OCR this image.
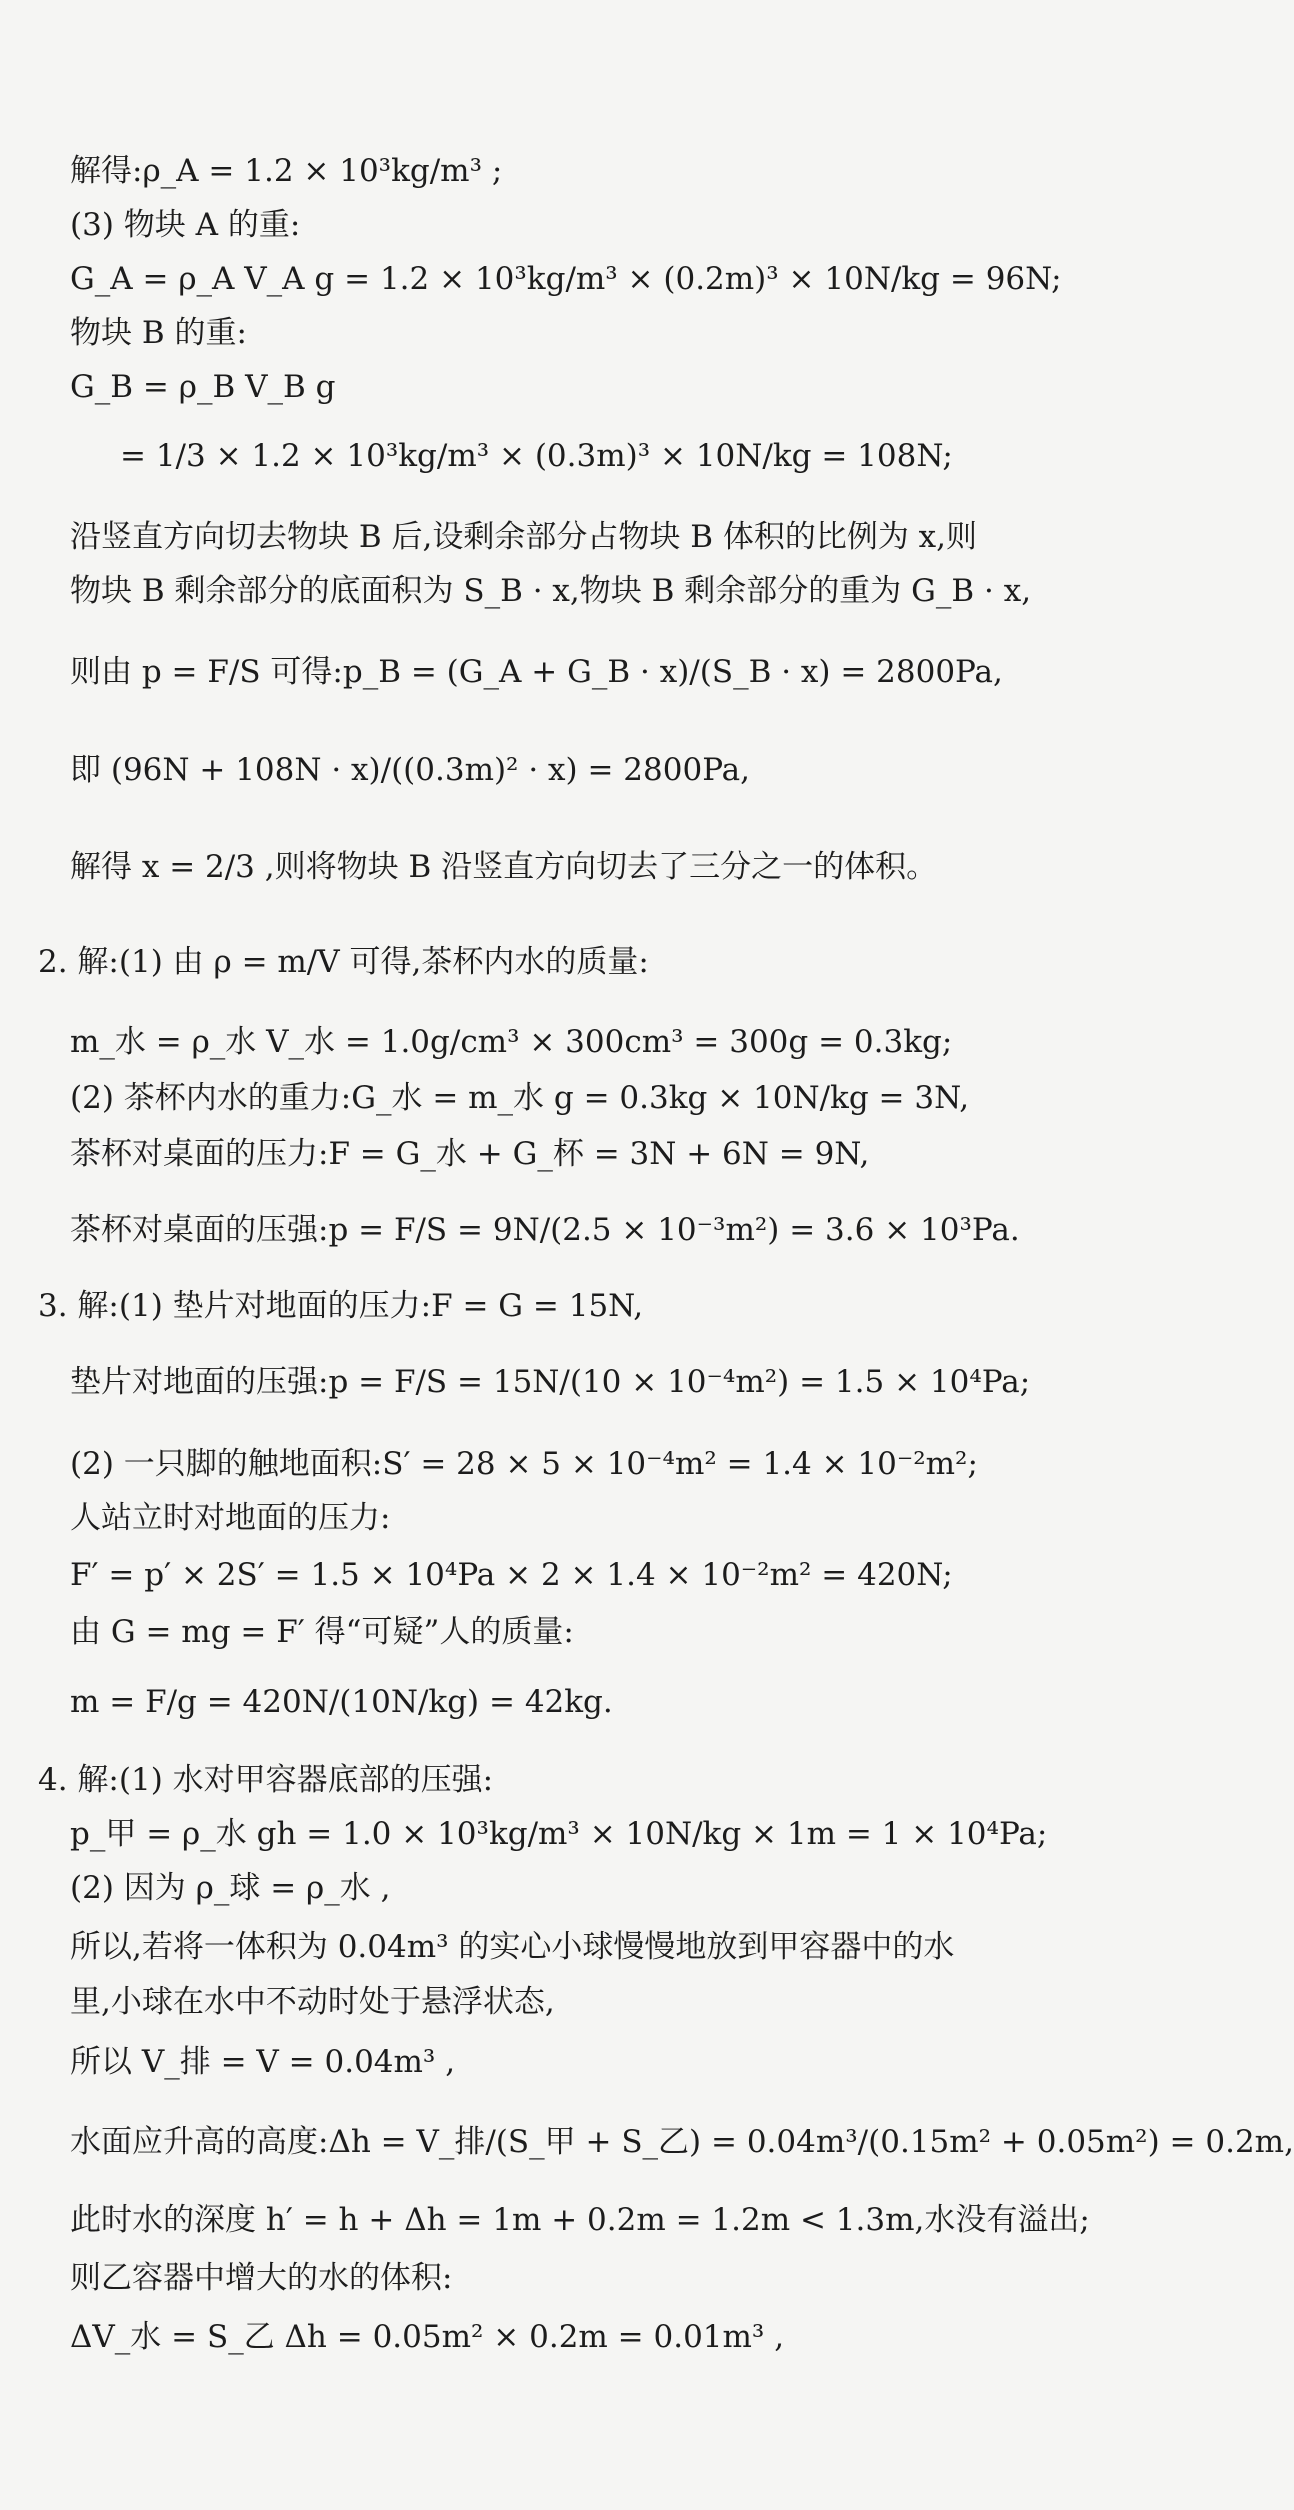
解得:ρ_A = 1.2 × 10³kg/m³ ;
(3) 物块 A 的重:
G_A = ρ_A V_A g = 1.2 × 10³kg/m³ × (0.2m)³ × 10N/kg = 96N;
物块 B 的重:
G_B = ρ_B V_B g
= 1/3 × 1.2 × 10³kg/m³ × (0.3m)³ × 10N/kg = 108N;
沿竖直方向切去物块 B 后,设剩余部分占物块 B 体积的比例为 x,则
物块 B 剩余部分的底面积为 S_B · x,物块 B 剩余部分的重为 G_B · x,
则由 p = F/S 可得:p_B = (G_A + G_B · x)/(S_B · x) = 2800Pa,
即 (96N + 108N · x)/((0.3m)² · x) = 2800Pa,
解得 x = 2/3 ,则将物块 B 沿竖直方向切去了三分之一的体积。
2. 解:(1) 由 ρ = m/V 可得,茶杯内水的质量:
m_水 = ρ_水 V_水 = 1.0g/cm³ × 300cm³ = 300g = 0.3kg;
(2) 茶杯内水的重力:G_水 = m_水 g = 0.3kg × 10N/kg = 3N,
茶杯对桌面的压力:F = G_水 + G_杯 = 3N + 6N = 9N,
茶杯对桌面的压强:p = F/S = 9N/(2.5 × 10⁻³m²) = 3.6 × 10³Pa.
3. 解:(1) 垫片对地面的压力:F = G = 15N,
垫片对地面的压强:p = F/S = 15N/(10 × 10⁻⁴m²) = 1.5 × 10⁴Pa;
(2) 一只脚的触地面积:S′ = 28 × 5 × 10⁻⁴m² = 1.4 × 10⁻²m²;
人站立时对地面的压力:
F′ = p′ × 2S′ = 1.5 × 10⁴Pa × 2 × 1.4 × 10⁻²m² = 420N;
由 G = mg = F′ 得“可疑”人的质量:
m = F/g = 420N/(10N/kg) = 42kg.
4. 解:(1) 水对甲容器底部的压强:
p_甲 = ρ_水 gh = 1.0 × 10³kg/m³ × 10N/kg × 1m = 1 × 10⁴Pa;
(2) 因为 ρ_球 = ρ_水 ,
所以,若将一体积为 0.04m³ 的实心小球慢慢地放到甲容器中的水
里,小球在水中不动时处于悬浮状态,
所以 V_排 = V = 0.04m³ ,
水面应升高的高度:Δh = V_排/(S_甲 + S_乙) = 0.04m³/(0.15m² + 0.05m²) = 0.2m,
此时水的深度 h′ = h + Δh = 1m + 0.2m = 1.2m < 1.3m,水没有溢出;
则乙容器中增大的水的体积:
ΔV_水 = S_乙 Δh = 0.05m² × 0.2m = 0.01m³ ,
